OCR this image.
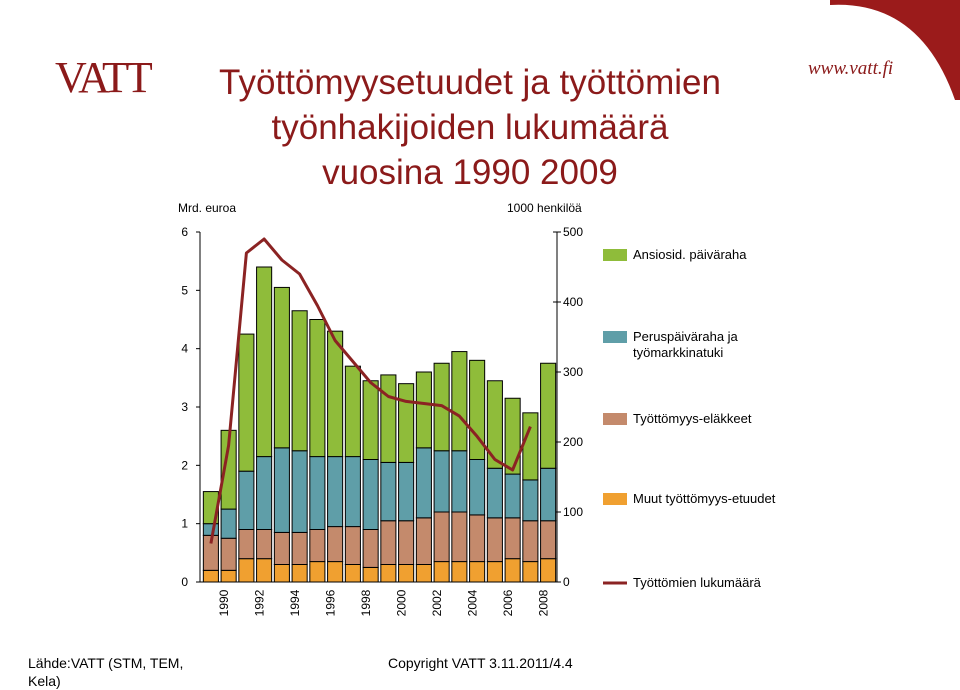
VATT	www.vatt.fi
Työttömyysetuudet ja työttömien
työnhakijoiden lukumäärä
vuosina 1990 2009
Mrd. euroa	1000 henkilöä
0
1
2
3
4
5
6
0
100
200
300
400
500
1990 1992 1994 1996 1998 2000 2002 2004 2006 2008
Ansiosid. päiväraha
Peruspäiväraha ja työmarkkinatuki
Työttömyys-eläkkeet
Muut työttömyys-etuudet
Työttömien lukumäärä
Lähde:VATT (STM, TEM,
Kela)
Copyright VATT 3.11.2011/4.4
